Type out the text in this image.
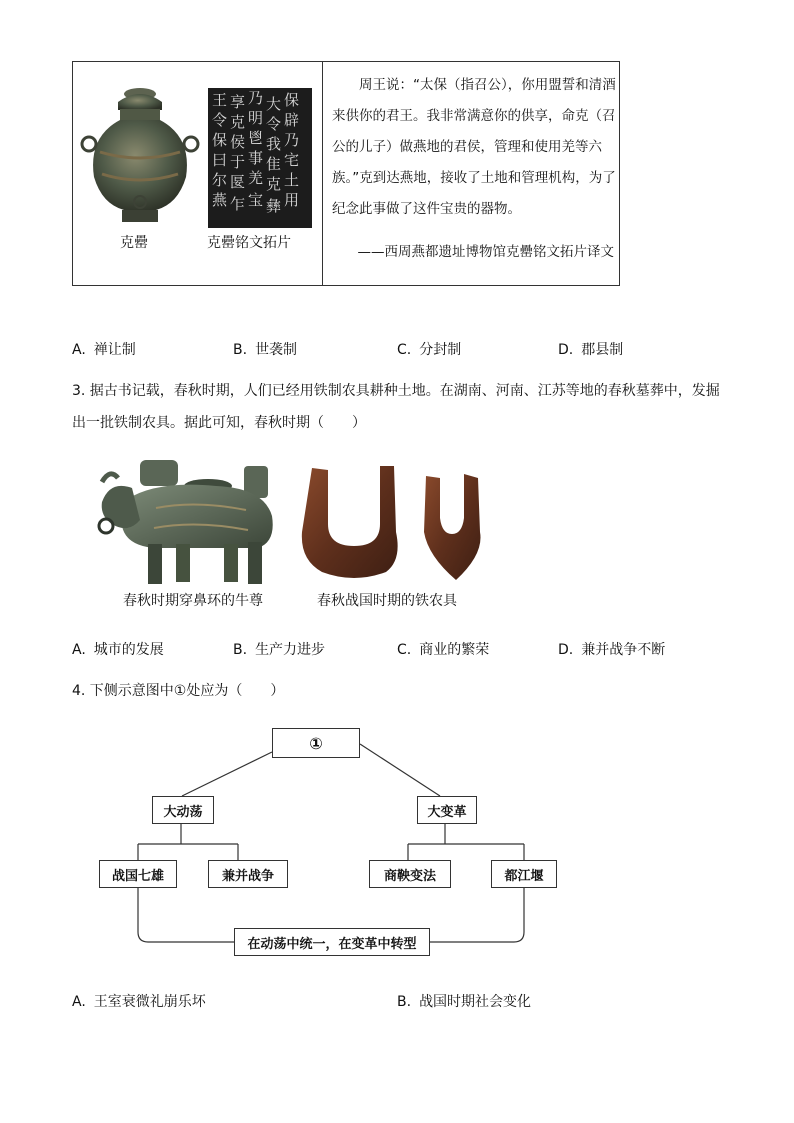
克罍
王
令
保
曰
尔
燕
享
克
侯
于
匽
乍
乃
明
鬯
事
羌
宝
大
令
我
隹
克
彝
保
辟
乃
宅
土
用
克罍铭文拓片

周王说：“太保（指召公），你用盟誓和清酒来供你的君王。我非常满意你的供享，命克（召公的儿子）做燕地的君侯，管理和使用羌等六族。”克到达燕地，接收了土地和管理机构，为了纪念此事做了这件宝贵的器物。

——西周燕都遗址博物馆克罍铭文拓片译文
A. 禅让制	B. 世袭制	C. 分封制	D. 郡县制
3. 据古书记载，春秋时期，人们已经用铁制农具耕种土地。在湖南、河南、江苏等地的春秋墓葬中，发掘
出一批铁制农具。据此可知，春秋时期（　　）
春秋时期穿鼻环的牛尊	春秋战国时期的铁农具
A. 城市的发展	B. 生产力进步	C. 商业的繁荣	D. 兼并战争不断
4. 下侧示意图中①处应为（　　）
①
大动荡	大变革
战国七雄	兼并战争	商鞅变法	都江堰
在动荡中统一，在变革中转型
A. 王室衰微礼崩乐坏	B. 战国时期社会变化
